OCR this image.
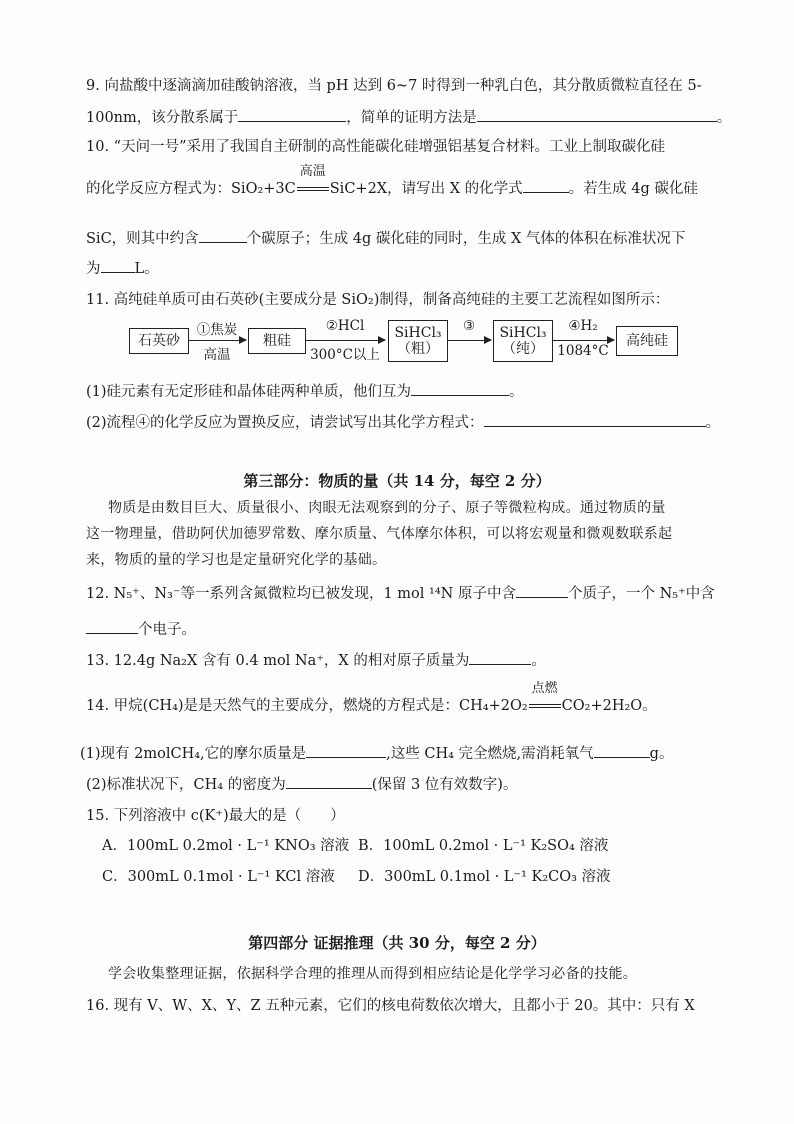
9. 向盐酸中逐滴滴加硅酸钠溶液，当 pH 达到 6~7 时得到一种乳白色，其分散质微粒直径在 5-
100nm，该分散系属于	，简单的证明方法是	。
10. “天问一号”采用了我国自主研制的高性能碳化硅增强铝基复合材料。工业上制取碳化硅
的化学反应方程式为：SiO₂+3C
高温
SiC+2X，请写出 X 的化学式	。若生成 4g 碳化硅
SiC，则其中约含	个碳原子；生成 4g 碳化硅的同时，生成 X 气体的体积在标准状况下
为 L。
11. 高纯硅单质可由石英砂(主要成分是 SiO₂)制得，制备高纯硅的主要工艺流程如图所示：
石英砂
①焦炭
高温
粗硅
②HCl
300°C以上
SiHCl₃
（粗）
③	SiHCl₃
（纯）
④H₂
1084°C
高纯硅
(1)硅元素有无定形硅和晶体硅两种单质，他们互为	。
(2)流程④的化学反应为置换反应，请尝试写出其化学方程式：	。
第三部分：物质的量（共 14 分，每空 2 分）
物质是由数目巨大、质量很小、肉眼无法观察到的分子、原子等微粒构成。通过物质的量
这一物理量，借助阿伏加德罗常数、摩尔质量、气体摩尔体积，可以将宏观量和微观数联系起
来，物质的量的学习也是定量研究化学的基础。
12. N₅⁺、N₃⁻等一系列含氮微粒均已被发现，1 mol ¹⁴N 原子中含	个质子，一个 N₅⁺中含
个电子。
13. 12.4g Na₂X 含有 0.4 mol Na⁺，X 的相对原子质量为	。
14. 甲烷(CH₄)是是天然气的主要成分，燃烧的方程式是：CH₄+2O₂
点燃
CO₂+2H₂O。
(1)现有 2molCH₄,它的摩尔质量是	,这些 CH₄ 完全燃烧,需消耗氧气	g。
(2)标准状况下，CH₄ 的密度为	(保留 3 位有效数字)。
15. 下列溶液中 c(K⁺)最大的是（　　）
A．100mL 0.2mol · L⁻¹ KNO₃ 溶液 B．100mL 0.2mol · L⁻¹ K₂SO₄ 溶液
C．300mL 0.1mol · L⁻¹ KCl 溶液 D．300mL 0.1mol · L⁻¹ K₂CO₃ 溶液
第四部分 证据推理（共 30 分，每空 2 分）
学会收集整理证据，依据科学合理的推理从而得到相应结论是化学学习必备的技能。
16. 现有 V、W、X、Y、Z 五种元素，它们的核电荷数依次增大，且都小于 20。其中：只有 X
